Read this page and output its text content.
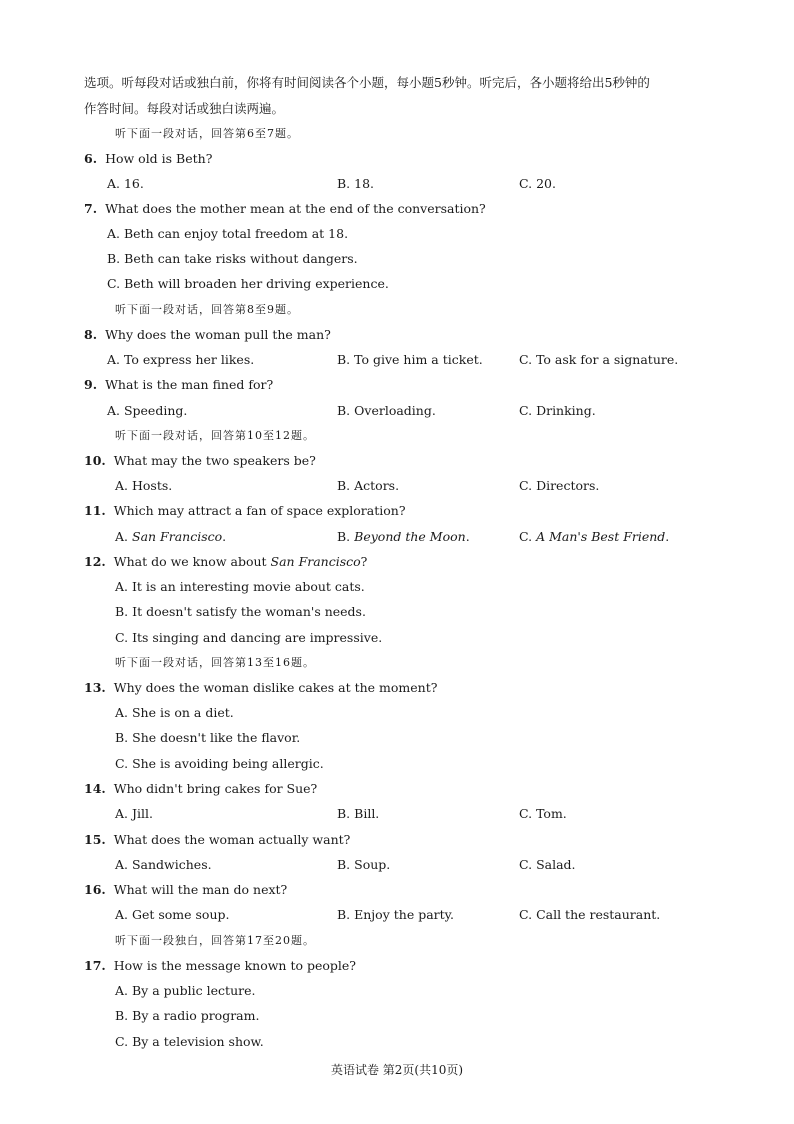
选项。听每段对话或独白前，你将有时间阅读各个小题，每小题5秒钟。听完后，各小题将给出5秒钟的
作答时间。每段对话或独白读两遍。
听下面一段对话，回答第6至7题。
6. How old is Beth?
A. 16.	B. 18.	C. 20.
7. What does the mother mean at the end of the conversation?
A. Beth can enjoy total freedom at 18.
B. Beth can take risks without dangers.
C. Beth will broaden her driving experience.
听下面一段对话，回答第8至9题。
8. Why does the woman pull the man?
A. To express her likes.	B. To give him a ticket.	C. To ask for a signature.
9. What is the man fined for?
A. Speeding.	B. Overloading.	C. Drinking.
听下面一段对话，回答第10至12题。
10. What may the two speakers be?
A. Hosts.	B. Actors.	C. Directors.
11. Which may attract a fan of space exploration?
A. San Francisco.	B. Beyond the Moon.	C. A Man's Best Friend.
12. What do we know about San Francisco?
A. It is an interesting movie about cats.
B. It doesn't satisfy the woman's needs.
C. Its singing and dancing are impressive.
听下面一段对话，回答第13至16题。
13. Why does the woman dislike cakes at the moment?
A. She is on a diet.
B. She doesn't like the flavor.
C. She is avoiding being allergic.
14. Who didn't bring cakes for Sue?
A. Jill.	B. Bill.	C. Tom.
15. What does the woman actually want?
A. Sandwiches.	B. Soup.	C. Salad.
16. What will the man do next?
A. Get some soup.	B. Enjoy the party.	C. Call the restaurant.
听下面一段独白，回答第17至20题。
17. How is the message known to people?
A. By a public lecture.
B. By a radio program.
C. By a television show.
英语试卷 第2页(共10页)
